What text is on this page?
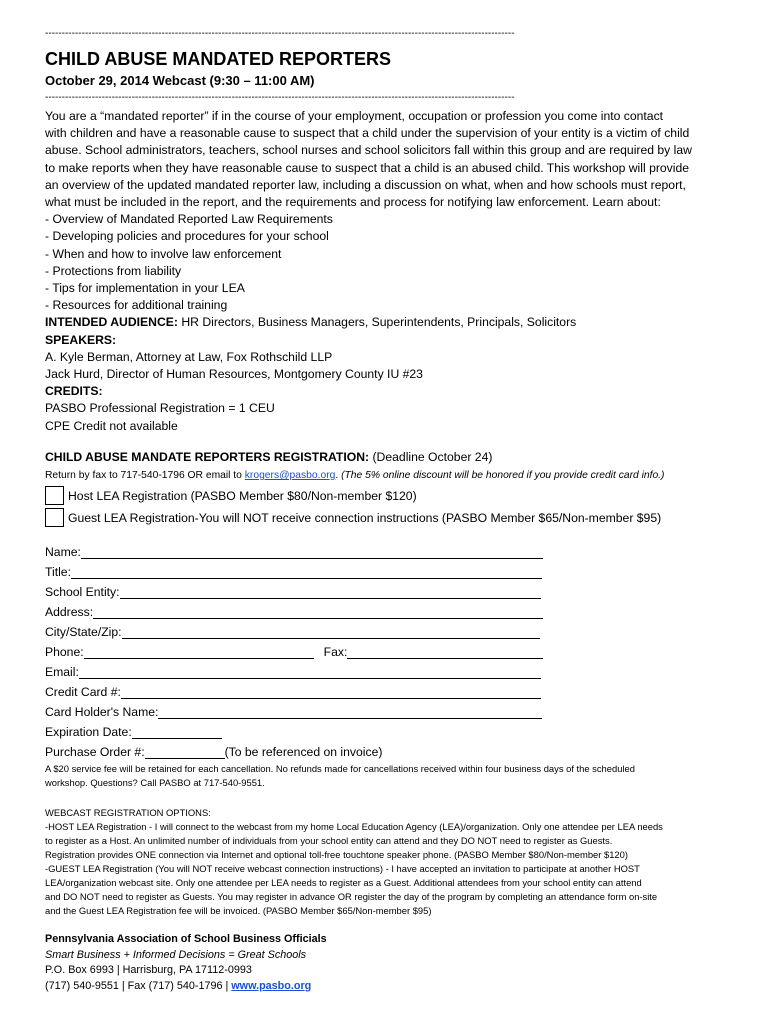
---------------------------------------------------------------------------------------------------------------------------------------------
CHILD ABUSE MANDATED REPORTERS
October 29, 2014 Webcast (9:30 – 11:00 AM)
---------------------------------------------------------------------------------------------------------------------------------------------

You are a “mandated reporter” if in the course of your employment, occupation or profession you come into contact

with children and have a reasonable cause to suspect that a child under the supervision of your entity is a victim of child

abuse. School administrators, teachers, school nurses and school solicitors fall within this group and are required by law

to make reports when they have reasonable cause to suspect that a child is an abused child. This workshop will provide

an overview of the updated mandated reporter law, including a discussion on what, when and how schools must report,

what must be included in the report, and the requirements and process for notifying law enforcement. Learn about:

- Overview of Mandated Reported Law Requirements

- Developing policies and procedures for your school

- When and how to involve law enforcement

- Protections from liability

- Tips for implementation in your LEA

- Resources for additional training

INTENDED AUDIENCE: HR Directors, Business Managers, Superintendents, Principals, Solicitors

SPEAKERS:

A. Kyle Berman, Attorney at Law, Fox Rothschild LLP

Jack Hurd, Director of Human Resources, Montgomery County IU #23

CREDITS:

PASBO Professional Registration = 1 CEU

CPE Credit not available

CHILD ABUSE MANDATE REPORTERS REGISTRATION: (Deadline October 24)
Return by fax to 717-540-1796 OR email to krogers@pasbo.org. (The 5% online discount will be honored if you provide credit card info.)
Host LEA Registration (PASBO Member $80/Non-member $120)
Guest LEA Registration-You will NOT receive connection instructions (PASBO Member $65/Non-member $95)
Name:
Title:
School Entity:
Address:
City/State/Zip:
Phone:	Fax:
Email:
Credit Card #:
Card Holder's Name:
Expiration Date:
Purchase Order #:	(To be referenced on invoice)

A $20 service fee will be retained for each cancellation. No refunds made for cancellations received within four business days of the scheduled

workshop. Questions? Call PASBO at 717-540-9551.

WEBCAST REGISTRATION OPTIONS:

-HOST LEA Registration - I will connect to the webcast from my home Local Education Agency (LEA)/organization. Only one attendee per LEA needs

to register as a Host. An unlimited number of individuals from your school entity can attend and they DO NOT need to register as Guests.

Registration provides ONE connection via Internet and optional toll-free touchtone speaker phone. (PASBO Member $80/Non-member $120)

-GUEST LEA Registration (You will NOT receive webcast connection instructions) - I have accepted an invitation to participate at another HOST

LEA/organization webcast site. Only one attendee per LEA needs to register as a Guest. Additional attendees from your school entity can attend

and DO NOT need to register as Guests. You may register in advance OR register the day of the program by completing an attendance form on-site

and the Guest LEA Registration fee will be invoiced. (PASBO Member $65/Non-member $95)

Pennsylvania Association of School Business Officials

Smart Business + Informed Decisions = Great Schools

P.O. Box 6993 | Harrisburg, PA 17112-0993

(717) 540-9551 | Fax (717) 540-1796 | www.pasbo.org
